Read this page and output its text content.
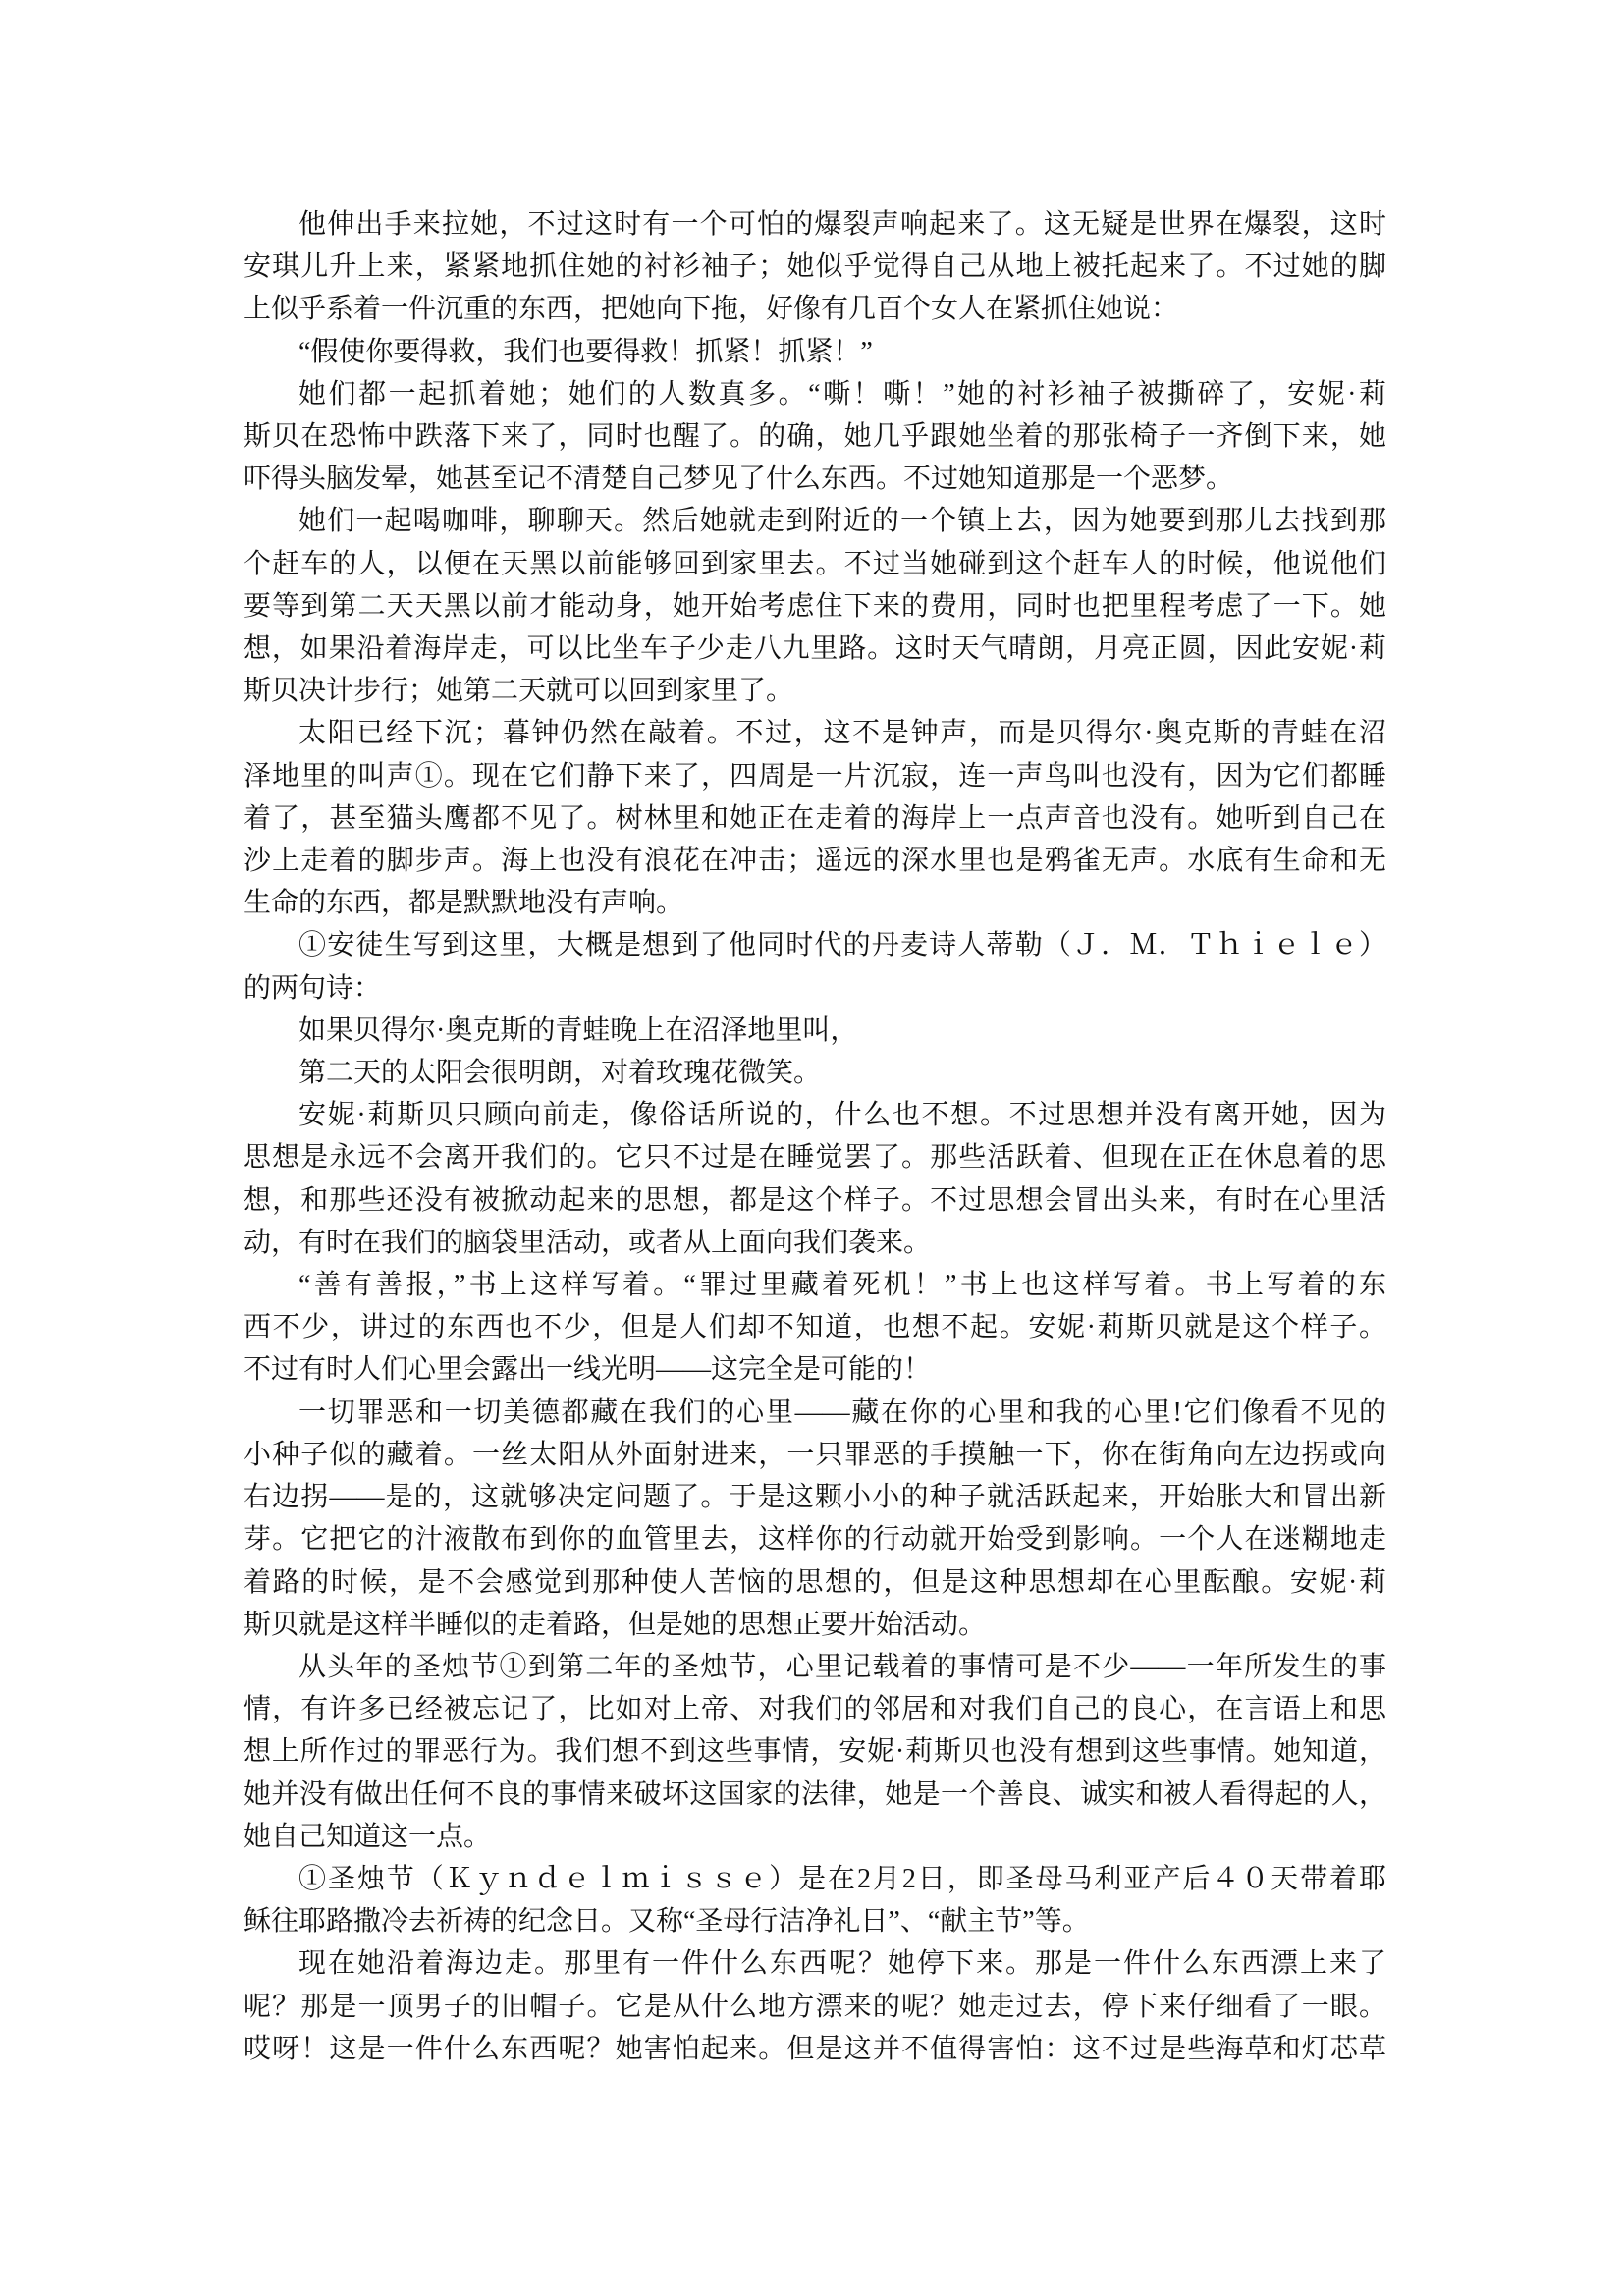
他伸出手来拉她，不过这时有一个可怕的爆裂声响起来了。这无疑是世界在爆裂，这时
安琪儿升上来，紧紧地抓住她的衬衫袖子；她似乎觉得自己从地上被托起来了。不过她的脚
上似乎系着一件沉重的东西，把她向下拖，好像有几百个女人在紧抓住她说：
“假使你要得救，我们也要得救！抓紧！抓紧！”
她们都一起抓着她；她们的人数真多。“嘶！嘶！”她的衬衫袖子被撕碎了，安妮·莉
斯贝在恐怖中跌落下来了，同时也醒了。的确，她几乎跟她坐着的那张椅子一齐倒下来，她
吓得头脑发晕，她甚至记不清楚自己梦见了什么东西。不过她知道那是一个恶梦。
她们一起喝咖啡，聊聊天。然后她就走到附近的一个镇上去，因为她要到那儿去找到那
个赶车的人，以便在天黑以前能够回到家里去。不过当她碰到这个赶车人的时候，他说他们
要等到第二天天黑以前才能动身，她开始考虑住下来的费用，同时也把里程考虑了一下。她
想，如果沿着海岸走，可以比坐车子少走八九里路。这时天气晴朗，月亮正圆，因此安妮·莉
斯贝决计步行；她第二天就可以回到家里了。
太阳已经下沉；暮钟仍然在敲着。不过，这不是钟声，而是贝得尔·奥克斯的青蛙在沼
泽地里的叫声①。现在它们静下来了，四周是一片沉寂，连一声鸟叫也没有，因为它们都睡
着了，甚至猫头鹰都不见了。树林里和她正在走着的海岸上一点声音也没有。她听到自己在
沙上走着的脚步声。海上也没有浪花在冲击；遥远的深水里也是鸦雀无声。水底有生命和无
生命的东西，都是默默地没有声响。
①安徒生写到这里，大概是想到了他同时代的丹麦诗人蒂勒（Ｊ．Ｍ．Ｔｈｉｅｌｅ）
的两句诗：
如果贝得尔·奥克斯的青蛙晚上在沼泽地里叫，
第二天的太阳会很明朗，对着玫瑰花微笑。
安妮·莉斯贝只顾向前走，像俗话所说的，什么也不想。不过思想并没有离开她，因为
思想是永远不会离开我们的。它只不过是在睡觉罢了。那些活跃着、但现在正在休息着的思
想，和那些还没有被掀动起来的思想，都是这个样子。不过思想会冒出头来，有时在心里活
动，有时在我们的脑袋里活动，或者从上面向我们袭来。
“善有善报，”书上这样写着。“罪过里藏着死机！”书上也这样写着。书上写着的东
西不少，讲过的东西也不少，但是人们却不知道，也想不起。安妮·莉斯贝就是这个样子。
不过有时人们心里会露出一线光明——这完全是可能的！
一切罪恶和一切美德都藏在我们的心里——藏在你的心里和我的心里!它们像看不见的
小种子似的藏着。一丝太阳从外面射进来，一只罪恶的手摸触一下，你在街角向左边拐或向
右边拐——是的，这就够决定问题了。于是这颗小小的种子就活跃起来，开始胀大和冒出新
芽。它把它的汁液散布到你的血管里去，这样你的行动就开始受到影响。一个人在迷糊地走
着路的时候，是不会感觉到那种使人苦恼的思想的，但是这种思想却在心里酝酿。安妮·莉
斯贝就是这样半睡似的走着路，但是她的思想正要开始活动。
从头年的圣烛节①到第二年的圣烛节，心里记载着的事情可是不少——一年所发生的事
情，有许多已经被忘记了，比如对上帝、对我们的邻居和对我们自己的良心，在言语上和思
想上所作过的罪恶行为。我们想不到这些事情，安妮·莉斯贝也没有想到这些事情。她知道，
她并没有做出任何不良的事情来破坏这国家的法律，她是一个善良、诚实和被人看得起的人，
她自己知道这一点。
①圣烛节（Ｋｙｎｄｅｌｍｉｓｓｅ）是在2月2日，即圣母马利亚产后４０天带着耶
稣往耶路撒冷去祈祷的纪念日。又称“圣母行洁净礼日”、“献主节”等。
现在她沿着海边走。那里有一件什么东西呢？她停下来。那是一件什么东西漂上来了
呢？那是一顶男子的旧帽子。它是从什么地方漂来的呢？她走过去，停下来仔细看了一眼。
哎呀！这是一件什么东西呢？她害怕起来。但是这并不值得害怕：这不过是些海草和灯芯草
